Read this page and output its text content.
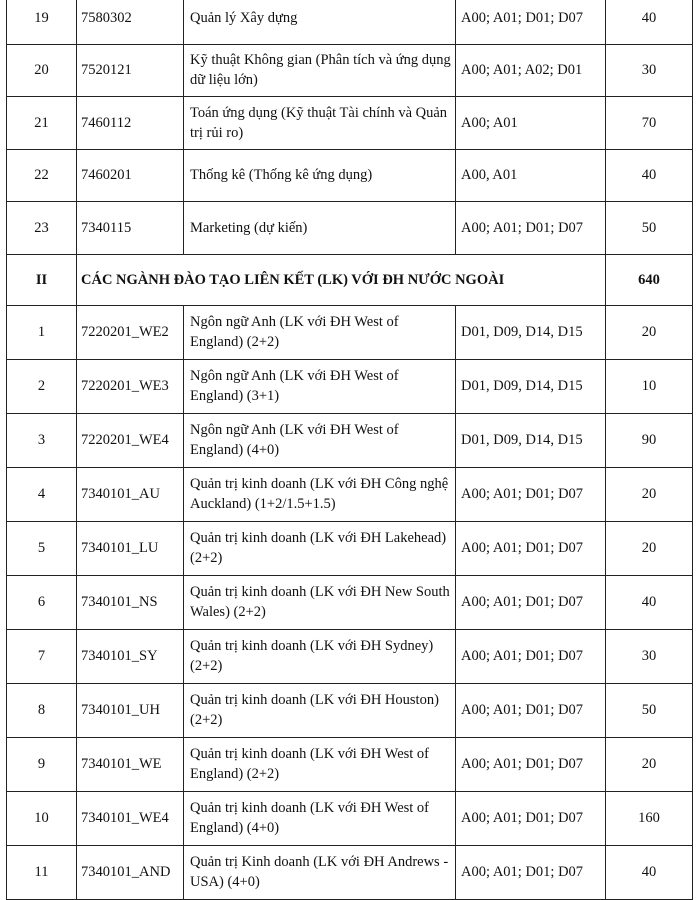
19	7580302	Quản lý Xây dựng	A00; A01; D01; D07	40
20	7520121	Kỹ thuật Không gian (Phân tích và ứng dụng dữ liệu lớn)	A00; A01; A02; D01	30
21	7460112	Toán ứng dụng (Kỹ thuật Tài chính và Quản trị rủi ro)	A00; A01	70
22	7460201	Thống kê (Thống kê ứng dụng)	A00, A01	40
23	7340115	Marketing (dự kiến)	A00; A01; D01; D07	50
II	CÁC NGÀNH ĐÀO TẠO LIÊN KẾT (LK) VỚI ĐH NƯỚC NGOÀI			640
1	7220201_WE2	Ngôn ngữ Anh (LK với ĐH West of England) (2+2)	D01, D09, D14, D15	20
2	7220201_WE3	Ngôn ngữ Anh (LK với ĐH West of England) (3+1)	D01, D09, D14, D15	10
3	7220201_WE4	Ngôn ngữ Anh (LK với ĐH West of England) (4+0)	D01, D09, D14, D15	90
4	7340101_AU	Quản trị kinh doanh (LK với ĐH Công nghệ Auckland) (1+2/1.5+1.5)	A00; A01; D01; D07	20
5	7340101_LU	Quản trị kinh doanh (LK với ĐH Lakehead) (2+2)	A00; A01; D01; D07	20
6	7340101_NS	Quản trị kinh doanh (LK với ĐH New South Wales) (2+2)	A00; A01; D01; D07	40
7	7340101_SY	Quản trị kinh doanh (LK với ĐH Sydney) (2+2)	A00; A01; D01; D07	30
8	7340101_UH	Quản trị kinh doanh (LK với ĐH Houston) (2+2)	A00; A01; D01; D07	50
9	7340101_WE	Quản trị kinh doanh (LK với ĐH West of England) (2+2)	A00; A01; D01; D07	20
10	7340101_WE4	Quản trị kinh doanh (LK với ĐH West of England) (4+0)	A00; A01; D01; D07	160
11	7340101_AND	Quản trị Kinh doanh (LK với ĐH Andrews - USA) (4+0)	A00; A01; D01; D07	40
